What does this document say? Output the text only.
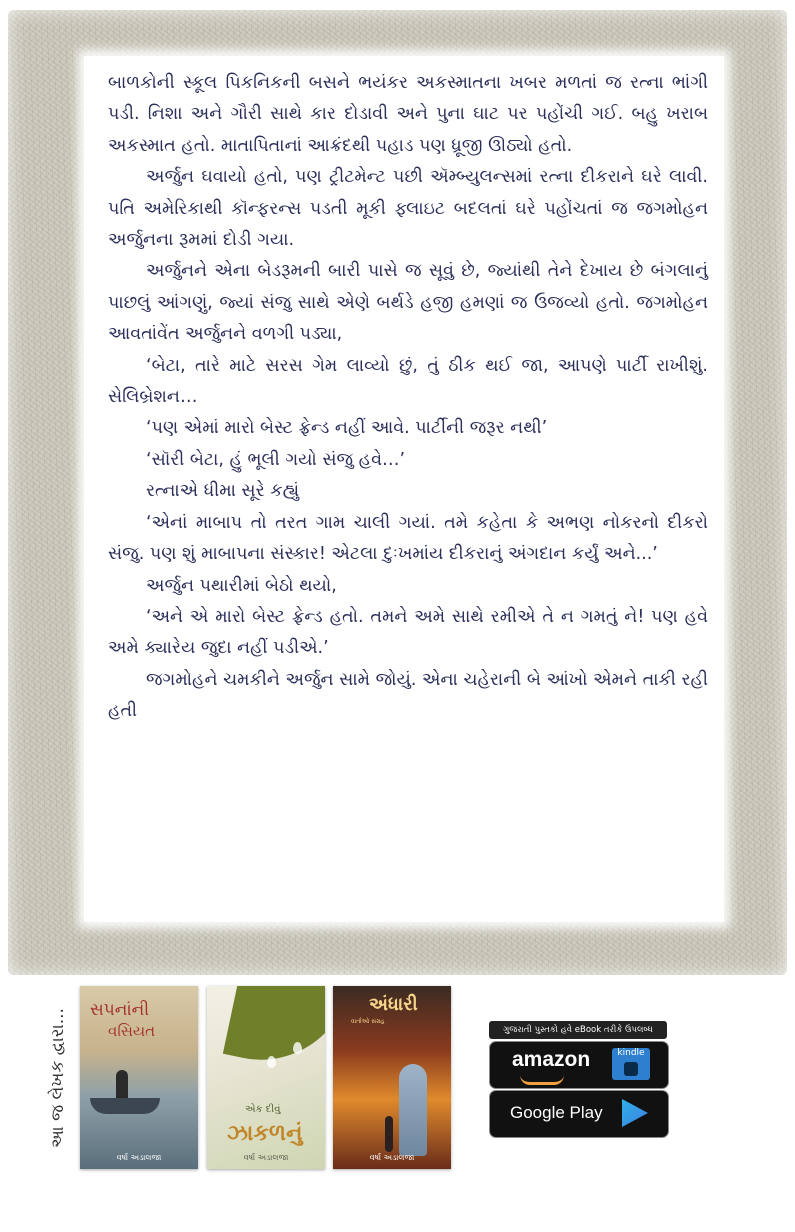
બાળકોની સ્કૂલ પિકનિકની બસને ભયંકર અકસ્માતના ખબર મળતાં જ રત્ના ભાંગી પડી. નિશા અને ગૌરી સાથે કાર દોડાવી અને પુના ઘાટ પર પહોંચી ગઈ. બહુ ખરાબ અકસ્માત હતો. માતાપિતાનાં આક્રંદથી પહાડ પણ ધ્રૂજી ઊઠ્યો હતો.

અર્જુન ઘવાયો હતો, પણ ટ્રીટમેન્ટ પછી ઍમ્બ્યુલન્સમાં રત્ના દીકરાને ઘરે લાવી. પતિ અમેરિકાથી કૉન્ફરન્સ પડતી મૂકી ફ્લાઇટ બદલતાં ઘરે પહોંચતાં જ જગમોહન અર્જુનના રૂમમાં દોડી ગયા.

અર્જુનને એના બેડરૂમની બારી પાસે જ સૂવું છે, જ્યાંથી તેને દેખાય છે બંગલાનું પાછલું આંગણું, જ્યાં સંજુ સાથે એણે બર્થડે હજી હમણાં જ ઉજવ્યો હતો. જગમોહન આવતાંવેંત અર્જુનને વળગી પડ્યા,

‘બેટા, તારે માટે સરસ ગેમ લાવ્યો છું, તું ઠીક થઈ જા, આપણે પાર્ટી રાખીશું. સેલિબ્રેશન…

‘પણ એમાં મારો બેસ્ટ ફ્રેન્ડ નહીં આવે. પાર્ટીની જરૂર નથી’

‘સૉરી બેટા, હું ભૂલી ગયો સંજુ હવે…’

રત્નાએ ધીમા સૂરે કહ્યું

‘એનાં માબાપ તો તરત ગામ ચાલી ગયાં. તમે કહેતા કે અભણ નોકરનો દીકરો સંજુ. પણ શું માબાપના સંસ્કાર! એટલા દુઃખમાંય દીકરાનું અંગદાન કર્યું અને...’

અર્જુન પથારીમાં બેઠો થયો,

‘અને એ મારો બેસ્ટ ફ્રેન્ડ હતો. તમને અમે સાથે રમીએ તે ન ગમતું ને! પણ હવે અમે ક્યારેય જુદા નહીં પડીએ.’

જગમોહને ચમકીને અર્જુન સામે જોયું. એના ચહેરાની બે આંખો એમને તાકી રહી હતી

આ જ લેખક દ્વારા... સપનાંની
વસિયત
વર્ષા અડાલજા
એક દીવું
ઝાકળનું
વર્ષા અડાલજા
અંધારી
વાર્તાઓ સંગ્રહ
વર્ષા અડાલજા
ગુજરાતી પુસ્તકો હવે eBook તરીકે ઉપલબ્ધ
amazon	kindle
Google Play
